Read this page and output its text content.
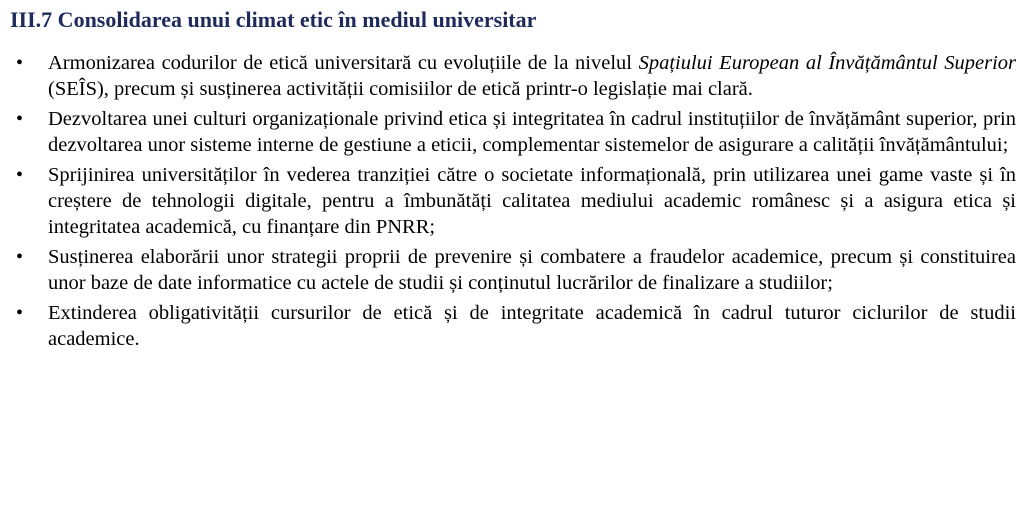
III.7 Consolidarea unui climat etic în mediul universitar
• Armonizarea codurilor de etică universitară cu evoluțiile de la nivelul Spațiului European al Învățământul Superior (SEÎS), precum și susținerea activității comisiilor de etică printr-o legislație mai clară.
• Dezvoltarea unei culturi organizaționale privind etica și integritatea în cadrul instituțiilor de învățământ superior, prin dezvoltarea unor sisteme interne de gestiune a eticii, complementar sistemelor de asigurare a calității învățământului;
• Sprijinirea universităților în vederea tranziției către o societate informațională, prin utilizarea unei game vaste și în creștere de tehnologii digitale, pentru a îmbunătăți calitatea mediului academic românesc și a asigura etica și integritatea academică, cu finanțare din PNRR;
• Susținerea elaborării unor strategii proprii de prevenire și combatere a fraudelor academice, precum și constituirea unor baze de date informatice cu actele de studii și conținutul lucrărilor de finalizare a studiilor;
• Extinderea obligativității cursurilor de etică și de integritate academică în cadrul tuturor ciclurilor de studii academice.
